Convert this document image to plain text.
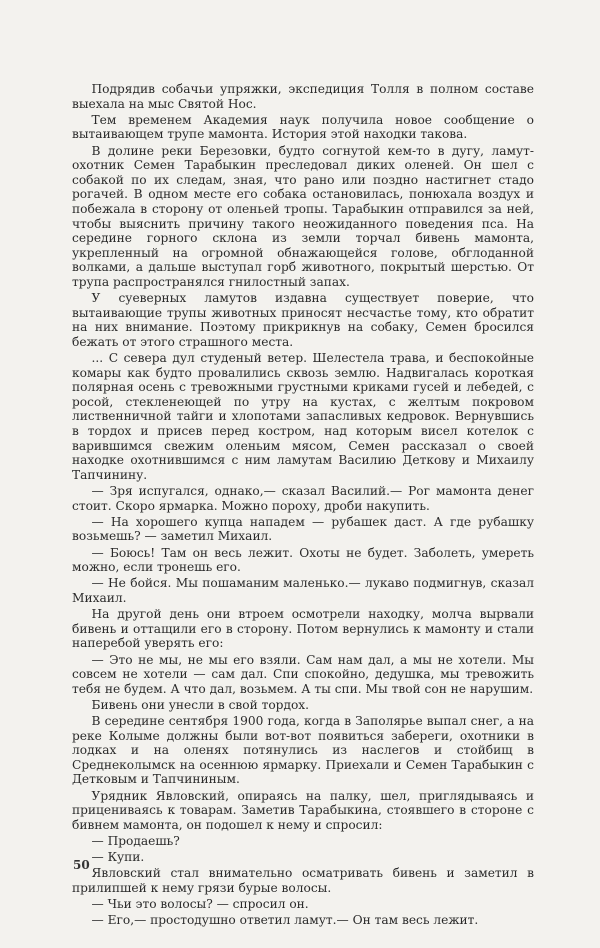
Подрядив собачьи упряжки, экспедиция Толля в полном составе выехала на мыс Святой Нос.

Тем временем Академия наук получила новое сообщение о вытаивающем трупе мамонта. История этой находки такова.

В долине реки Березовки, будто согнутой кем-то в дугу, ламут-охотник Семен Тарабыкин преследовал диких оленей. Он шел с собакой по их следам, зная, что рано или поздно настигнет стадо рогачей. В одном месте его собака остановилась, понюхала воздух и побежала в сторону от оленьей тропы. Тарабыкин отправился за ней, чтобы выяснить причину такого неожиданного поведения пса. На середине горного склона из земли торчал бивень мамонта, укрепленный на огромной обнажающейся голове, обглоданной волками, а дальше выступал горб животного, покрытый шерстью. От трупа распространялся гнилостный запах.

У суеверных ламутов издавна существует поверие, что вытаивающие трупы животных приносят несчастье тому, кто обратит на них внимание. Поэтому прикрикнув на собаку, Семен бросился бежать от этого страшного места.

... С севера дул студеный ветер. Шелестела трава, и беспокойные комары как будто провалились сквозь землю. Надвигалась короткая полярная осень с тревожными грустными криками гусей и лебедей, с росой, стекленеющей по утру на кустах, с желтым покровом лиственничной тайги и хлопотами запасливых кедровок. Вернувшись в тордох и присев перед костром, над которым висел котелок с варившимся свежим оленьим мясом, Семен рассказал о своей находке охотнившимся с ним ламутам Василию Деткову и Михаилу Тапчинину.

— Зря испугался, однако,— сказал Василий.— Рог мамонта денег стоит. Скоро ярмарка. Можно пороху, дроби накупить.

— На хорошего купца нападем — рубашек даст. А где рубашку возьмешь? — заметил Михаил.

— Боюсь! Там он весь лежит. Охоты не будет. Заболеть, умереть можно, если тронешь его.

— Не бойся. Мы пошаманим маленько.— лукаво подмигнув, сказал Михаил.

На другой день они втроем осмотрели находку, молча вырвали бивень и оттащили его в сторону. Потом вернулись к мамонту и стали наперебой уверять его:

— Это не мы, не мы его взяли. Сам нам дал, а мы не хотели. Мы совсем не хотели — сам дал. Спи спокойно, дедушка, мы тревожить тебя не будем. А что дал, возьмем. А ты спи. Мы твой сон не нарушим.

Бивень они унесли в свой тордох.

В середине сентября 1900 года, когда в Заполярье выпал снег, а на реке Колыме должны были вот-вот появиться забереги, охотники в лодках и на оленях потянулись из наслегов и стойбищ в Среднеколымск на осеннюю ярмарку. Приехали и Семен Тарабыкин с Детковым и Тапчининым.

Урядник Явловский, опираясь на палку, шел, приглядываясь и прицениваясь к товарам. Заметив Тарабыкина, стоявшего в стороне с бивнем мамонта, он подошел к нему и спросил:

— Продаешь?

— Купи.

Явловский стал внимательно осматривать бивень и заметил в прилипшей к нему грязи бурые волосы.

— Чьи это волосы? — спросил он.

— Его,— простодушно ответил ламут.— Он там весь лежит.

50
